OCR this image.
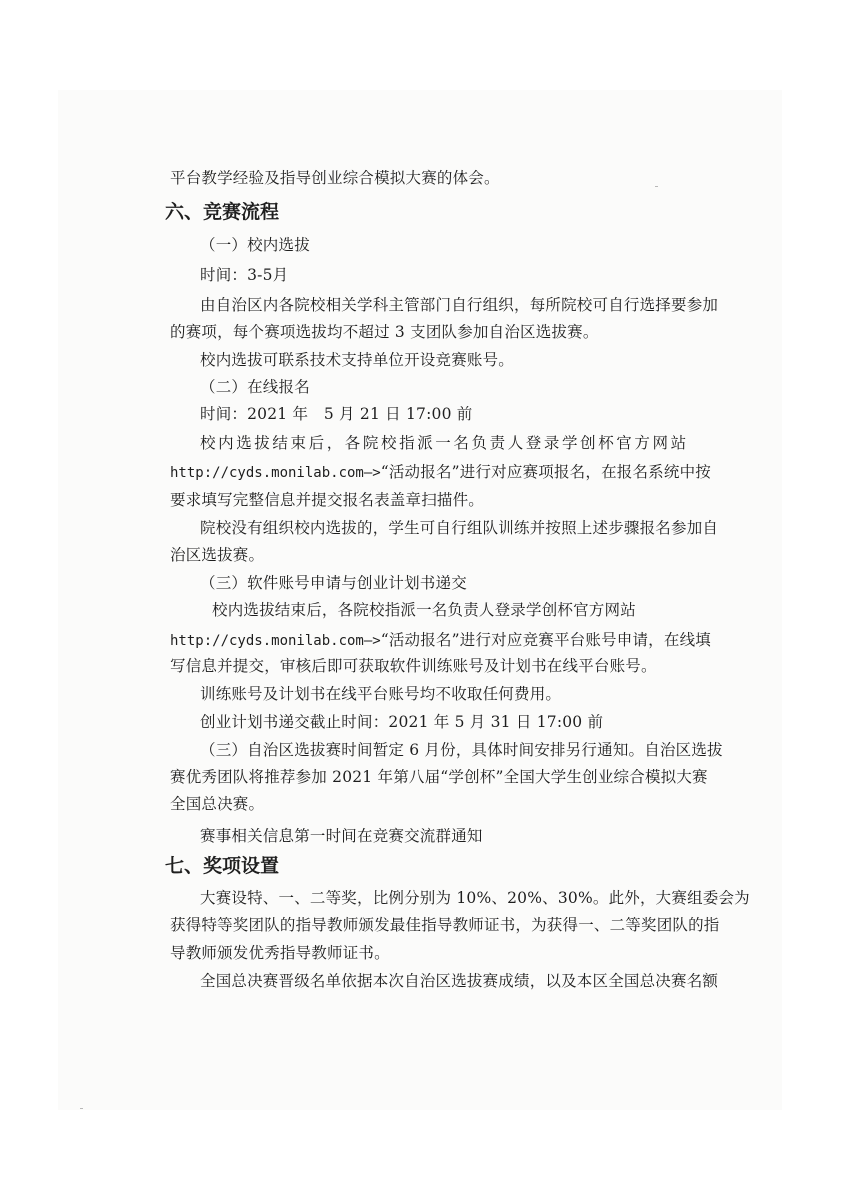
平台教学经验及指导创业综合模拟大赛的体会。

六、竞赛流程

（一）校内选拔

时间：3-5月

由自治区内各院校相关学科主管部门自行组织，每所院校可自行选择要参加

的赛项，每个赛项选拔均不超过 3 支团队参加自治区选拔赛。

校内选拔可联系技术支持单位开设竞赛账号。

（二）在线报名

时间：2021 年　5 月 21 日 17:00 前

校内选拔结束后，各院校指派一名负责人登录学创杯官方网站

http://cyds.monilab.com—>“活动报名”进行对应赛项报名，在报名系统中按

要求填写完整信息并提交报名表盖章扫描件。

院校没有组织校内选拔的，学生可自行组队训练并按照上述步骤报名参加自

治区选拔赛。

（三）软件账号申请与创业计划书递交

校内选拔结束后，各院校指派一名负责人登录学创杯官方网站

http://cyds.monilab.com—>“活动报名”进行对应竞赛平台账号申请，在线填

写信息并提交，审核后即可获取软件训练账号及计划书在线平台账号。

训练账号及计划书在线平台账号均不收取任何费用。

创业计划书递交截止时间：2021 年 5 月 31 日 17:00 前

（三）自治区选拔赛时间暂定 6 月份，具体时间安排另行通知。自治区选拔

赛优秀团队将推荐参加 2021 年第八届“学创杯”全国大学生创业综合模拟大赛

全国总决赛。

赛事相关信息第一时间在竞赛交流群通知

七、奖项设置

大赛设特、一、二等奖，比例分别为 10%、20%、30%。此外，大赛组委会为

获得特等奖团队的指导教师颁发最佳指导教师证书，为获得一、二等奖团队的指

导教师颁发优秀指导教师证书。

全国总决赛晋级名单依据本次自治区选拔赛成绩，以及本区全国总决赛名额
